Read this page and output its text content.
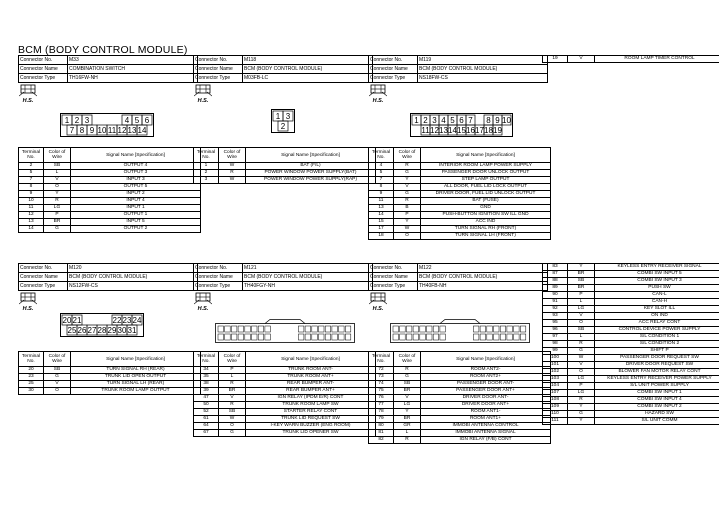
BCM (BODY CONTROL MODULE)
Connector No.	M33
Connector Name	COMBINATION SWITCH
Connector Type	TH16FW-NH
H.S.
1 2 3	4 5 6
7 8 9 10 11 12 13 14
Terminal No.	Color of Wire	Signal Name [Specification]
2	SB	OUTPUT 4
5	L	OUTPUT 3
7	V	INPUT 3
8	O	OUTPUT 5
9	Y	INPUT 2
10	R	INPUT 4
11	LG	INPUT 1
12	P	OUTPUT 1
13	BR	INPUT 5
14	G	OUTPUT 2
Connector No.	M118
Connector Name	BCM (BODY CONTROL MODULE)
Connector Type	M03FB-LC
H.S.
1 3
2
Terminal No.	Color of Wire	Signal Name [Specification]
1	W	BAT (F/L)
2	R	POWER WINDOW POWER SUPPLY(BAT)
3	W	POWER WINDOW POWER SUPPLY(RAP)
Connector No.	M119
Connector Name	BCM (BODY CONTROL MODULE)
Connector Type	NS18FW-CS
H.S.
1 2 3 4 5 6 7 8 9 10
11 12 13 14 15 16 17 18 19
Terminal No.	Color of Wire	Signal Name [Specification]
4	R	INTERIOR ROOM LAMP POWER SUPPLY
5	G	PASSENGER DOOR UNLOCK OUTPUT
7	Y	STEP LAMP OUTPUT
8	V	ALL DOOR, FUEL LID LOCK OUTPUT
9	G	DRIVER DOOR, FUEL LID UNLOCK OUTPUT
11	R	BAT (FUSE)
13	B	GND
14	P	PUSH-BUTTON IGNITION SW ILL GND
15	Y	ACC IND
17	W	TURN SIGNAL RH (FRONT)
18	O	TURN SIGNAL LH (FRONT)
Connector No.	M120
Connector Name	BCM (BODY CONTROL MODULE)
Connector Type	NS12FW-CS
H.S.
20 21	22 23 24
25 26 27 28 29 30 31
Terminal No.	Color of Wire	Signal Name [Specification]
20	SB	TURN SIGNAL RH (REAR)
23	G	TRUNK LID OPEN OUTPUT
25	V	TURN SIGNAL LH (REAR)
30	O	TRUNK ROOM LAMP OUTPUT
Connector No.	M121
Connector Name	BCM (BODY CONTROL MODULE)
Connector Type	TH40FGY-NH
H.S.
Terminal No.	Color of Wire	Signal Name [Specification]
34	P	TRUNK ROOM ANT-
35	L	TRUNK ROOM ANT+
38	R	REAR BUMPER ANT-
39	BR	REAR BUMPER ANT+
47	V	IGN RELAY (IPDM E/R) CONT
50	R	TRUNK ROOM LAMP SW
52	SB	STARTER RELAY CONT
61	W	TRUNK LID REQUEST SW
64	O	I-KEY WARN BUZZER (ENG ROOM)
67	G	TRUNK LID OPENER SW
Connector No.	M122
Connector Name	BCM (BODY CONTROL MODULE)
Connector Type	TH40FB-NH
H.S.
Terminal No.	Color of Wire	Signal Name [Specification]
72	R	ROOM ANT2-
73	G	ROOM ANT2+
74	SB	PASSENGER DOOR ANT-
75	BR	PASSENGER DOOR ANT+
76	V	DRIVER DOOR ANT-
77	LG	DRIVER DOOR ANT+
78	Y	ROOM ANT1-
79	BR	ROOM ANT1+
80	GR	IMMOBI ANTENNA CONTROL
81	L	IMMOBI ANTENNA SIGNAL
82	R	IGN RELAY (F/B) CONT
19	V	ROOM LAMP TIMER CONTROL
83	Y	KEYLESS ENTRY RECEIVER SIGNAL
87	BR	COMBI SW INPUT 5
88	SB	COMBI SW INPUT 3
89	BR	PUSH SW
90	P	CAN-L
91	L	CAN-H
92	LG	KEY SLOT ILL
93	V	ON IND
95	O	ACC RELAY CONT
96	SB	CONTROL DEVICE POWER SUPPLY
97	L	S/L CONDITION 1
98	R	S/L CONDITION 2
99	G	SHIFT P
100	W	PASSENGER DOOR REQUEST SW
101	V	DRIVER DOOR REQUEST SW
102	O	BLOWER FAN MOTOR RELAY CONT
103	LG	KEYLESS ENTRY RECEIVER POWER SUPPLY
104	P	S/L UNIT POWER SUPPLY
107	LG	COMBI SW INPUT 1
108	R	COMBI SW INPUT 4
109	Y	COMBI SW INPUT 2
110	G	HAZARD SW
111	Y	S/L UNIT COMM
